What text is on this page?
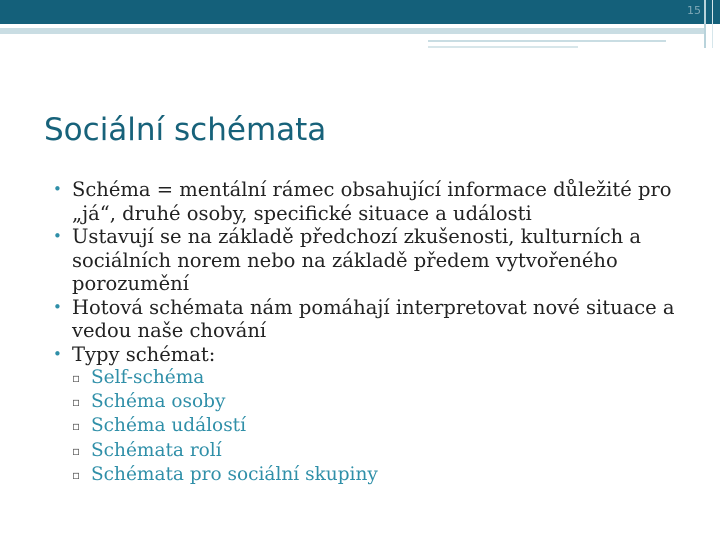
15
Sociální schémata
• Schéma = mentální rámec obsahující informace důležité pro „já“, druhé osoby, specifické situace a události
• Ustavují se na základě předchozí zkušenosti, kulturních a sociálních norem nebo na základě předem vytvořeného porozumění
• Hotová schémata nám pomáhají interpretovat nové situace a vedou naše chování
• Typy schémat:
▫ Self-schéma
▫ Schéma osoby
▫ Schéma událostí
▫ Schémata rolí
▫ Schémata pro sociální skupiny
